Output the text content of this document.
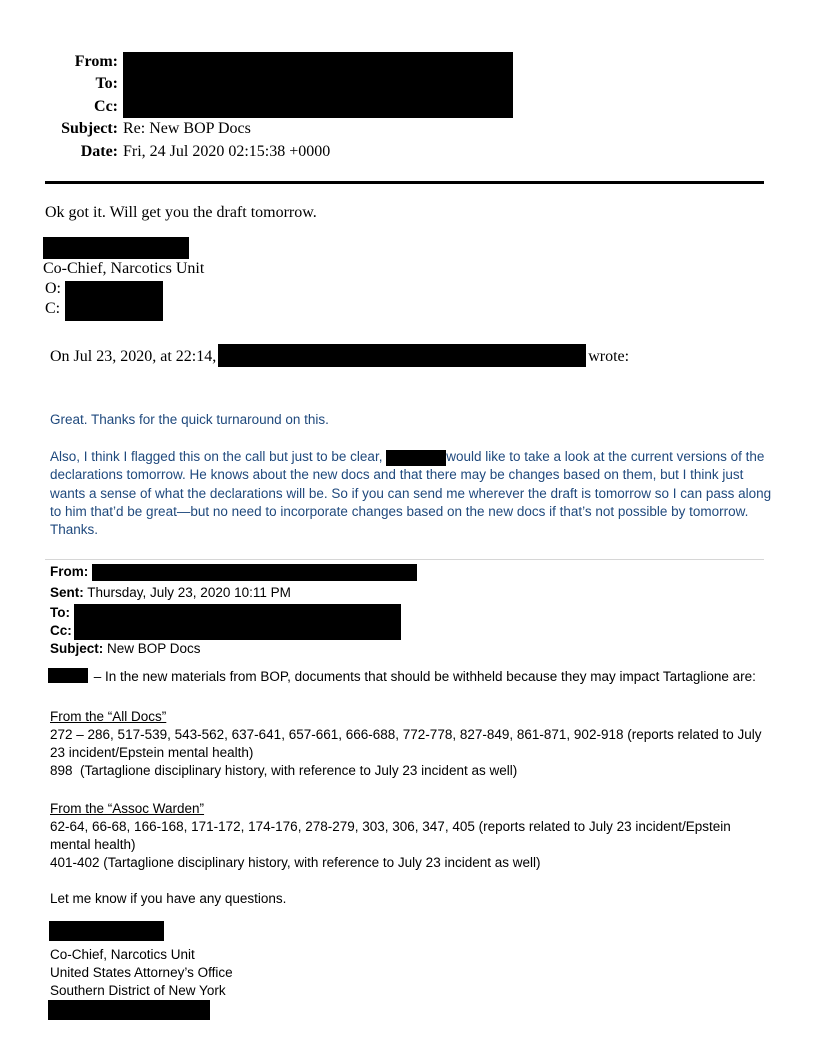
From:
To:
Cc:
Subject: Re: New BOP Docs
Date: Fri, 24 Jul 2020 02:15:38 +0000
Ok got it. Will get you the draft tomorrow.
Co-Chief, Narcotics Unit
O:
C:
On Jul 23, 2020, at 22:14,	wrote:
Great. Thanks for the quick turnaround on this.
Also, I think I flagged this on the call but just to be clear,	would like to take a look at the current versions of the
declarations tomorrow. He knows about the new docs and that there may be changes based on them, but I think just
wants a sense of what the declarations will be. So if you can send me wherever the draft is tomorrow so I can pass along
to him that’d be great—but no need to incorporate changes based on the new docs if that’s not possible by tomorrow.
Thanks.
From:
Sent: Thursday, July 23, 2020 10:11 PM
To:
Cc:
Subject: New BOP Docs
– In the new materials from BOP, documents that should be withheld because they may impact Tartaglione are:
From the “All Docs”
272 – 286, 517-539, 543-562, 637-641, 657-661, 666-688, 772-778, 827-849, 861-871, 902-918 (reports related to July
23 incident/Epstein mental health)
898  (Tartaglione disciplinary history, with reference to July 23 incident as well)
From the “Assoc Warden”
62-64, 66-68, 166-168, 171-172, 174-176, 278-279, 303, 306, 347, 405 (reports related to July 23 incident/Epstein
mental health)
401-402 (Tartaglione disciplinary history, with reference to July 23 incident as well)
Let me know if you have any questions.
Co-Chief, Narcotics Unit
United States Attorney’s Office
Southern District of New York
